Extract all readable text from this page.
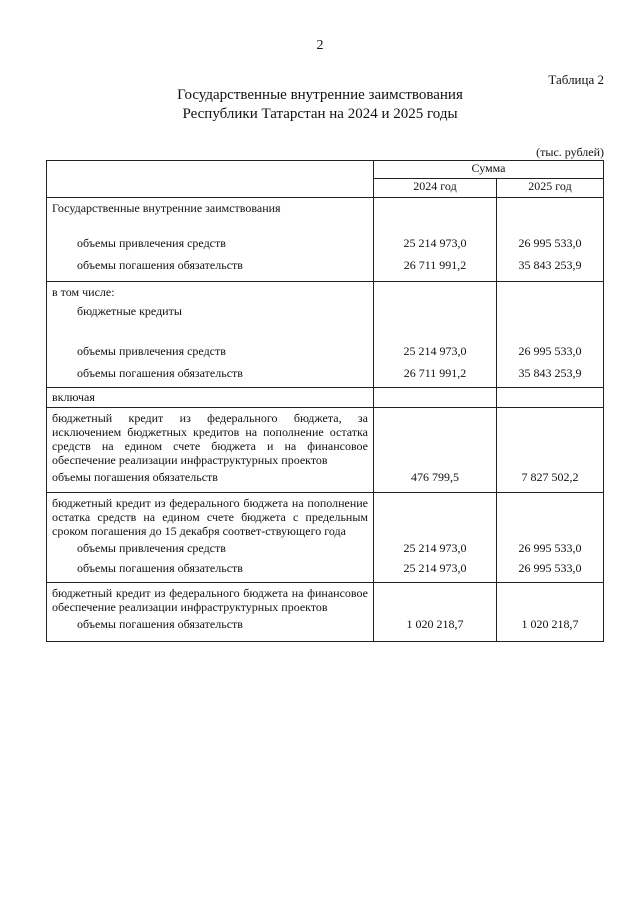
2
Таблица 2
Государственные внутренние заимствования
Республики Татарстан на 2024 и 2025 годы
(тыс. рублей)
	Сумма	
	2024 год	2025 год
Государственные внутренние заимствования		
объемы привлечения средств	25 214 973,0	26 995 533,0
объемы погашения обязательств	26 711 991,2	35 843 253,9
в том числе:		
бюджетные кредиты		
объемы привлечения средств	25 214 973,0	26 995 533,0
объемы погашения обязательств	26 711 991,2	35 843 253,9
включая		
бюджетный кредит из федерального бюджета, за исключением бюджетных кредитов на пополнение остатка средств на едином счете бюджета и на финансовое обеспечение реализации инфраструктурных проектов		
объемы погашения обязательств	476 799,5	7 827 502,2
бюджетный кредит из федерального бюджета на пополнение остатка средств на едином счете бюджета с предельным сроком погашения до 15 декабря соответ-ствующего года		
объемы привлечения средств	25 214 973,0	26 995 533,0
объемы погашения обязательств	25 214 973,0	26 995 533,0
бюджетный кредит из федерального бюджета на финансовое обеспечение реализации инфраструктурных проектов		
объемы погашения обязательств	1 020 218,7	1 020 218,7
